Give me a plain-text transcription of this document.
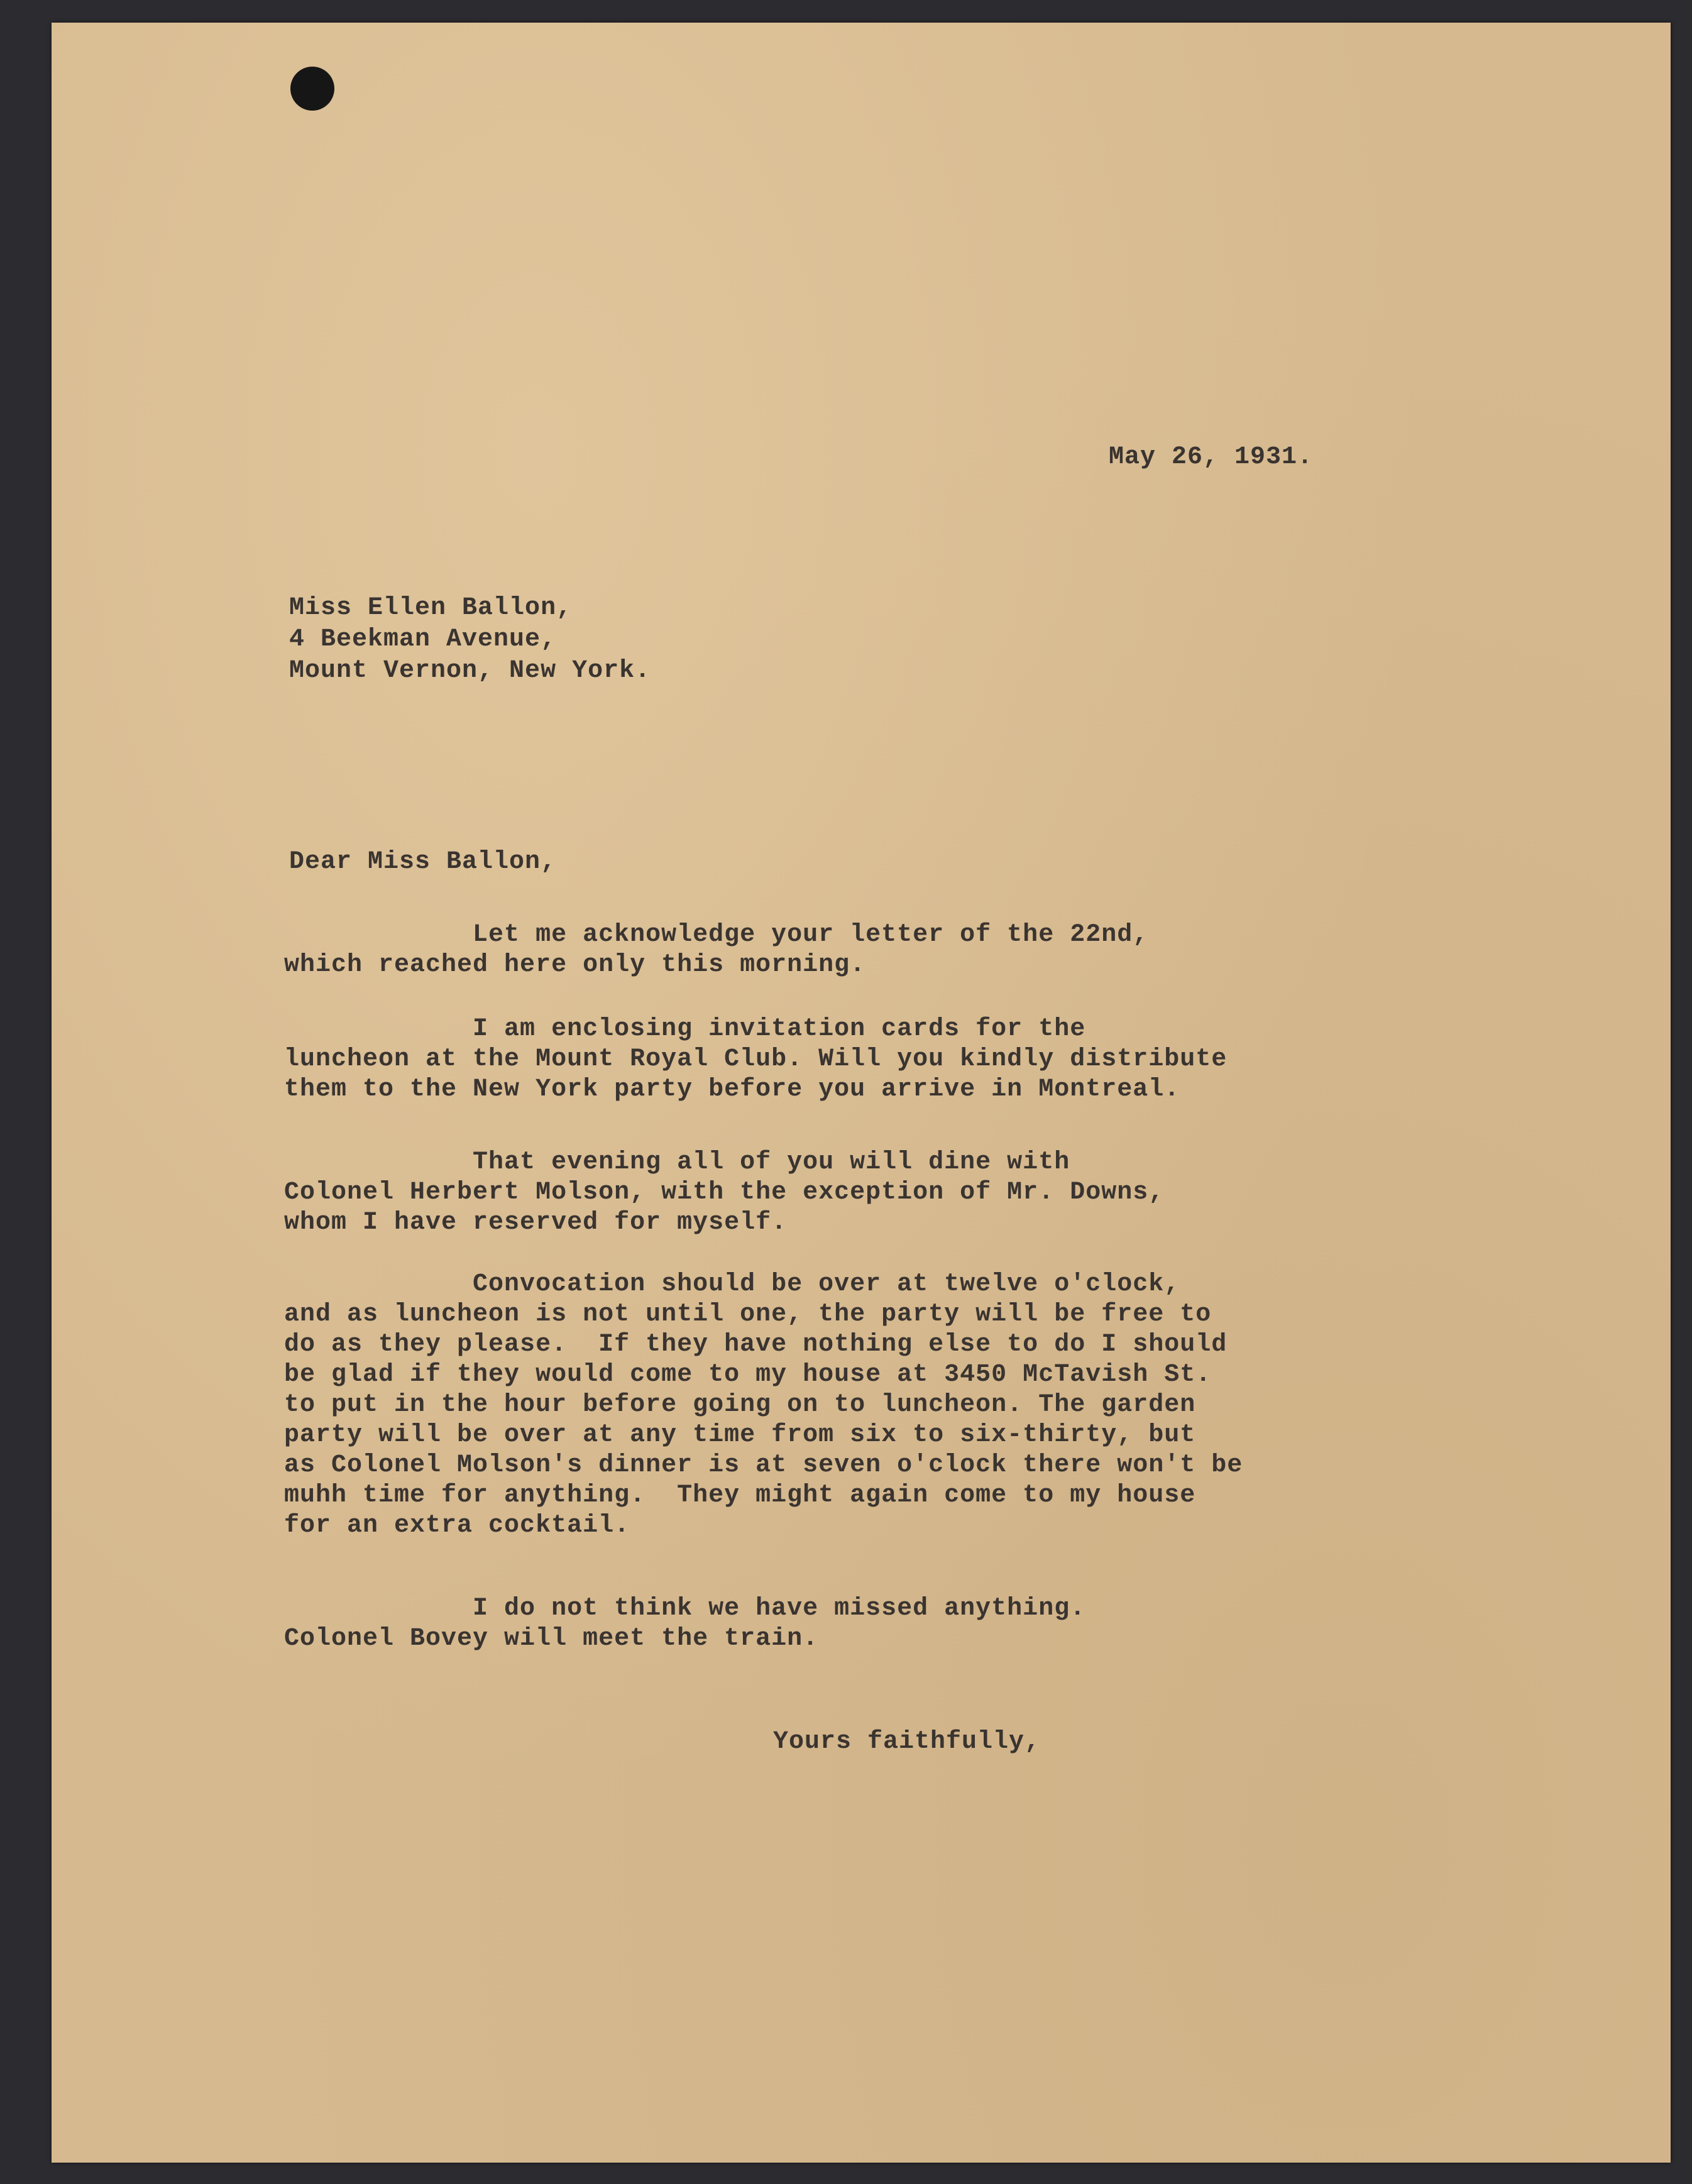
May 26, 1931.

Miss Ellen Ballon,

4 Beekman Avenue,

Mount Vernon, New York.

Dear Miss Ballon,

Let me acknowledge your letter of the 22nd,

which reached here only this morning.

I am enclosing invitation cards for the

luncheon at the Mount Royal Club. Will you kindly distribute

them to the New York party before you arrive in Montreal.

That evening all of you will dine with

Colonel Herbert Molson, with the exception of Mr. Downs,

whom I have reserved for myself.

Convocation should be over at twelve o'clock,

and as luncheon is not until one, the party will be free to

do as they please.  If they have nothing else to do I should

be glad if they would come to my house at 3450 McTavish St.

to put in the hour before going on to luncheon. The garden

party will be over at any time from six to six-thirty, but

as Colonel Molson's dinner is at seven o'clock there won't be

muhh time for anything.  They might again come to my house

for an extra cocktail.

I do not think we have missed anything.

Colonel Bovey will meet the train.

Yours faithfully,
